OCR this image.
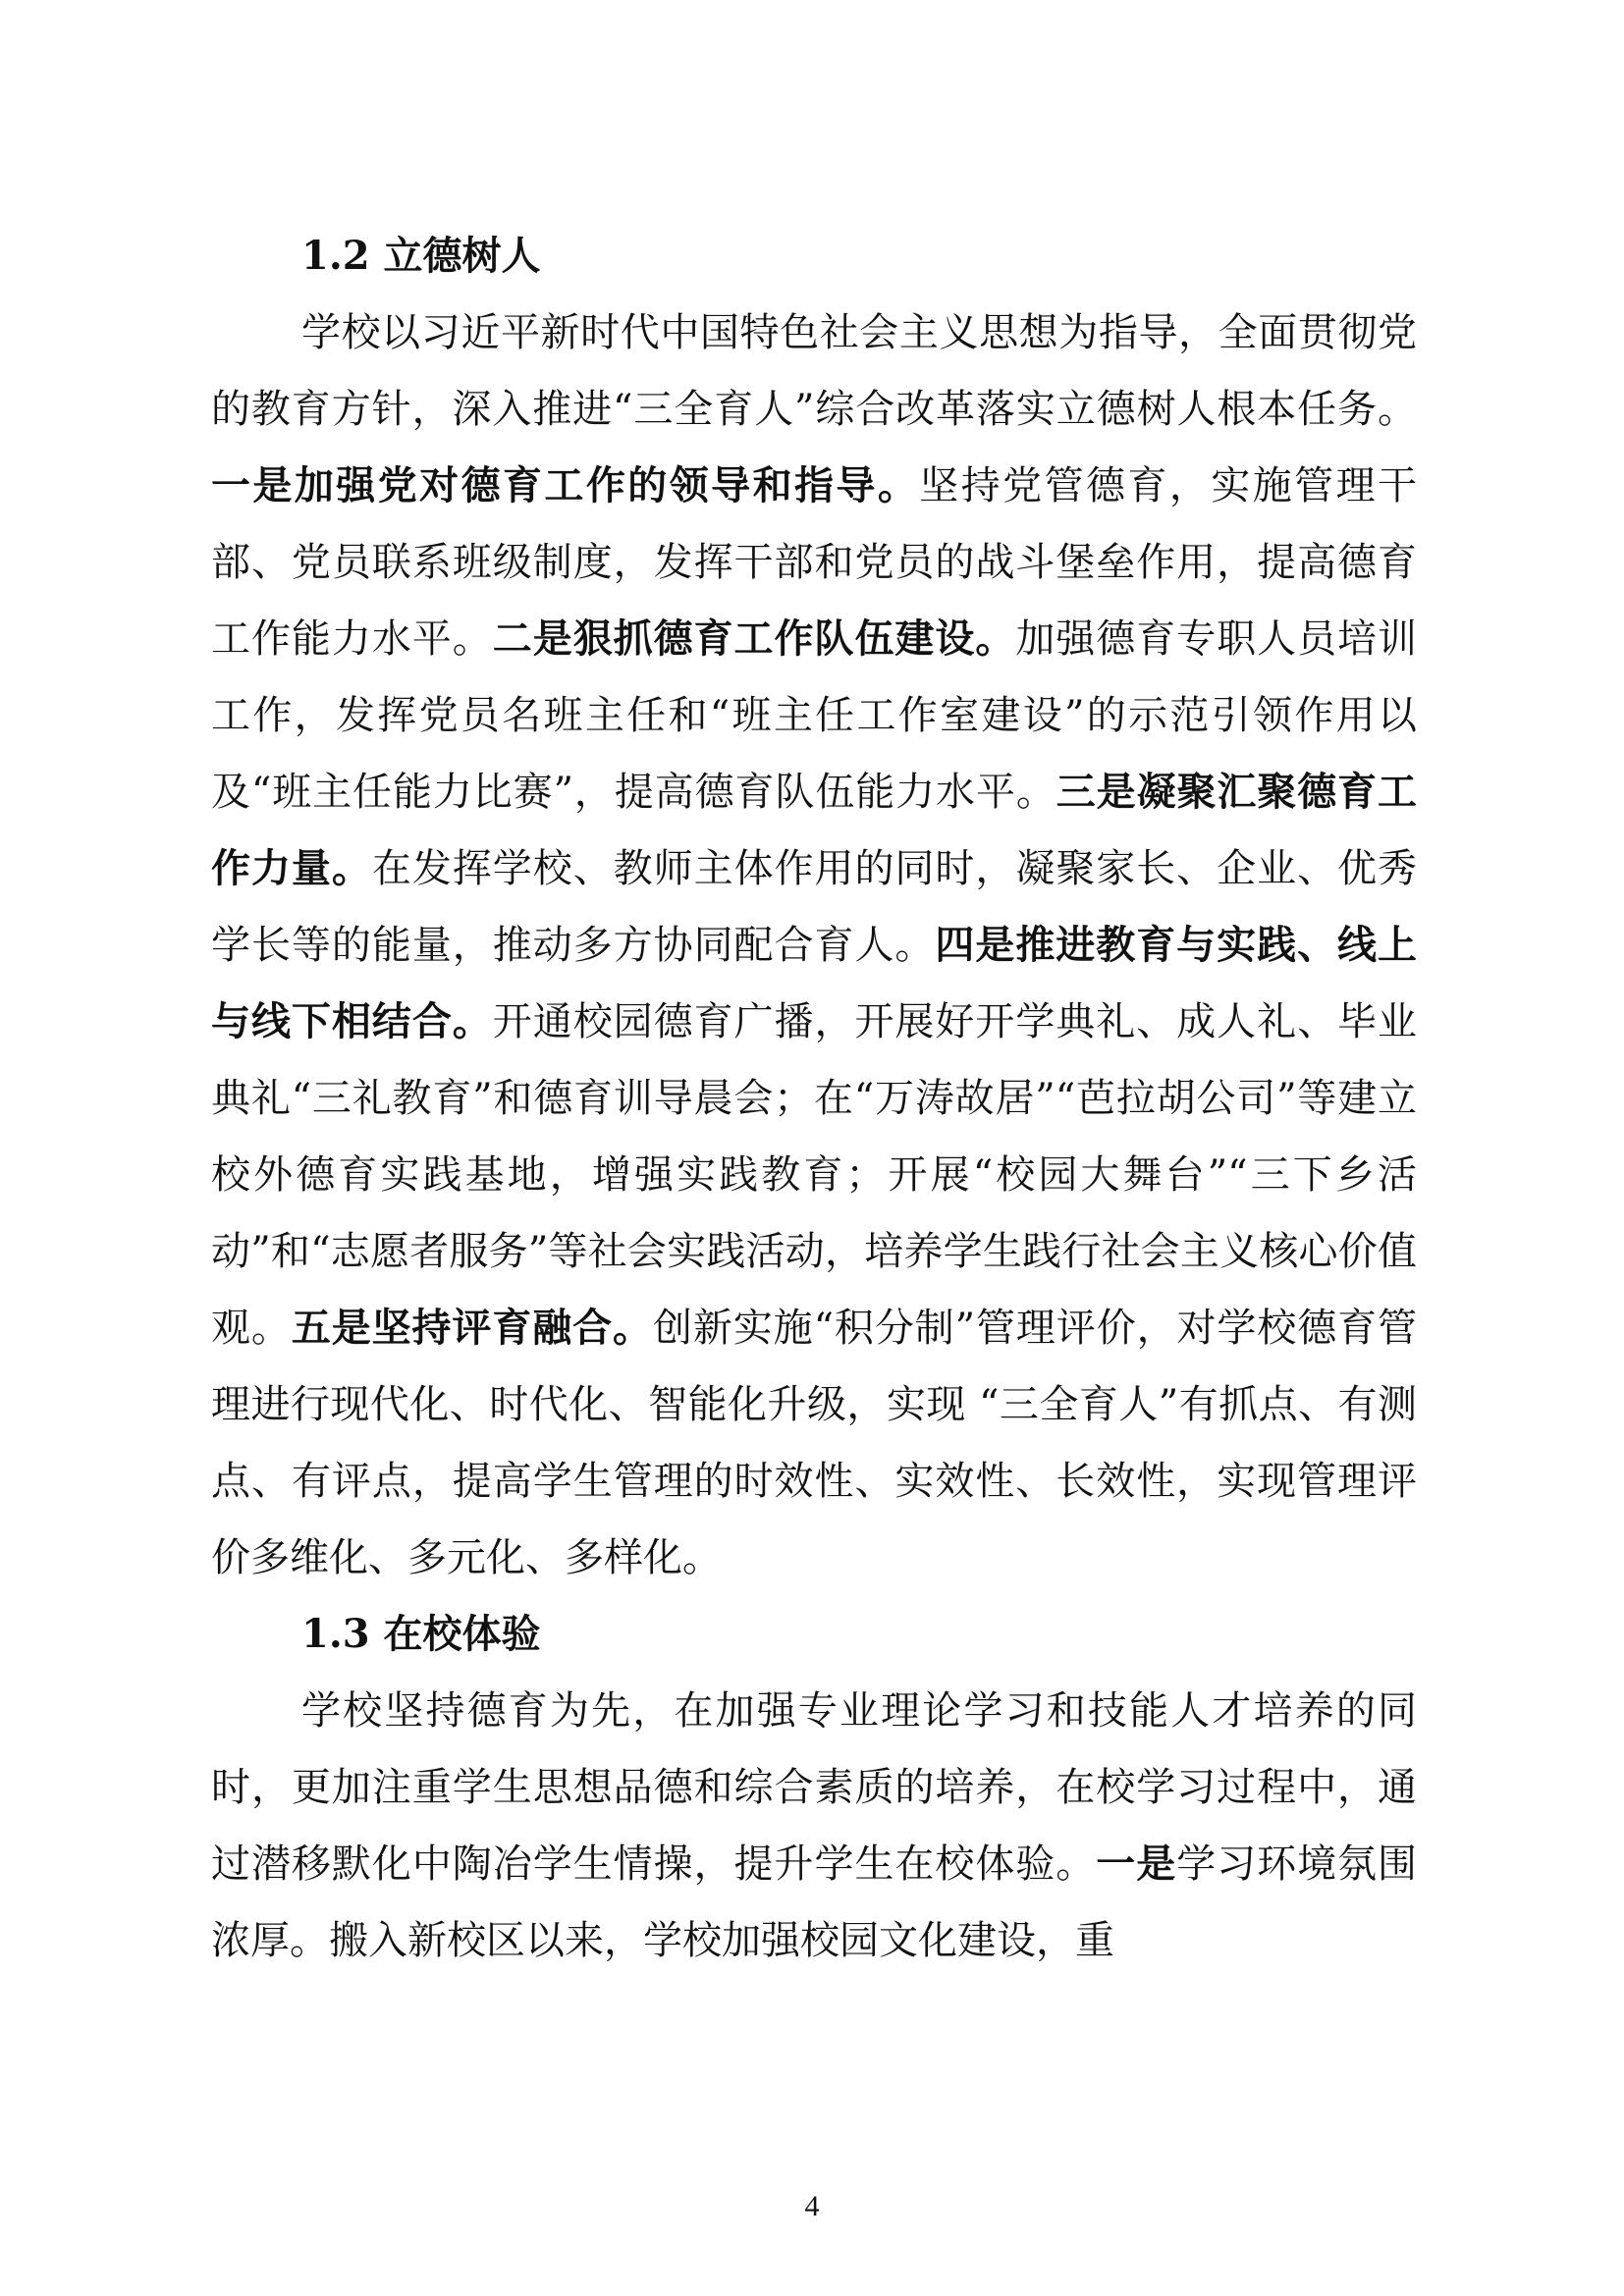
1.2 立德树人

学校以习近平新时代中国特色社会主义思想为指导，全面贯彻党的教育方针，深入推进“三全育人”综合改革落实立德树人根本任务。一是加强党对德育工作的领导和指导。坚持党管德育，实施管理干部、党员联系班级制度，发挥干部和党员的战斗堡垒作用，提高德育工作能力水平。二是狠抓德育工作队伍建设。加强德育专职人员培训工作，发挥党员名班主任和“班主任工作室建设”的示范引领作用以及“班主任能力比赛”，提高德育队伍能力水平。三是凝聚汇聚德育工作力量。在发挥学校、教师主体作用的同时，凝聚家长、企业、优秀学长等的能量，推动多方协同配合育人。四是推进教育与实践、线上与线下相结合。开通校园德育广播，开展好开学典礼、成人礼、毕业典礼“三礼教育”和德育训导晨会；在“万涛故居”“芭拉胡公司”等建立校外德育实践基地，增强实践教育；开展“校园大舞台”“三下乡活动”和“志愿者服务”等社会实践活动，培养学生践行社会主义核心价值观。五是坚持评育融合。创新实施“积分制”管理评价，对学校德育管理进行现代化、时代化、智能化升级，实现 “三全育人”有抓点、有测点、有评点，提高学生管理的时效性、实效性、长效性，实现管理评价多维化、多元化、多样化。

1.3 在校体验

学校坚持德育为先，在加强专业理论学习和技能人才培养的同时，更加注重学生思想品德和综合素质的培养，在校学习过程中，通过潜移默化中陶冶学生情操，提升学生在校体验。一是学习环境氛围浓厚。搬入新校区以来，学校加强校园文化建设，重

4
